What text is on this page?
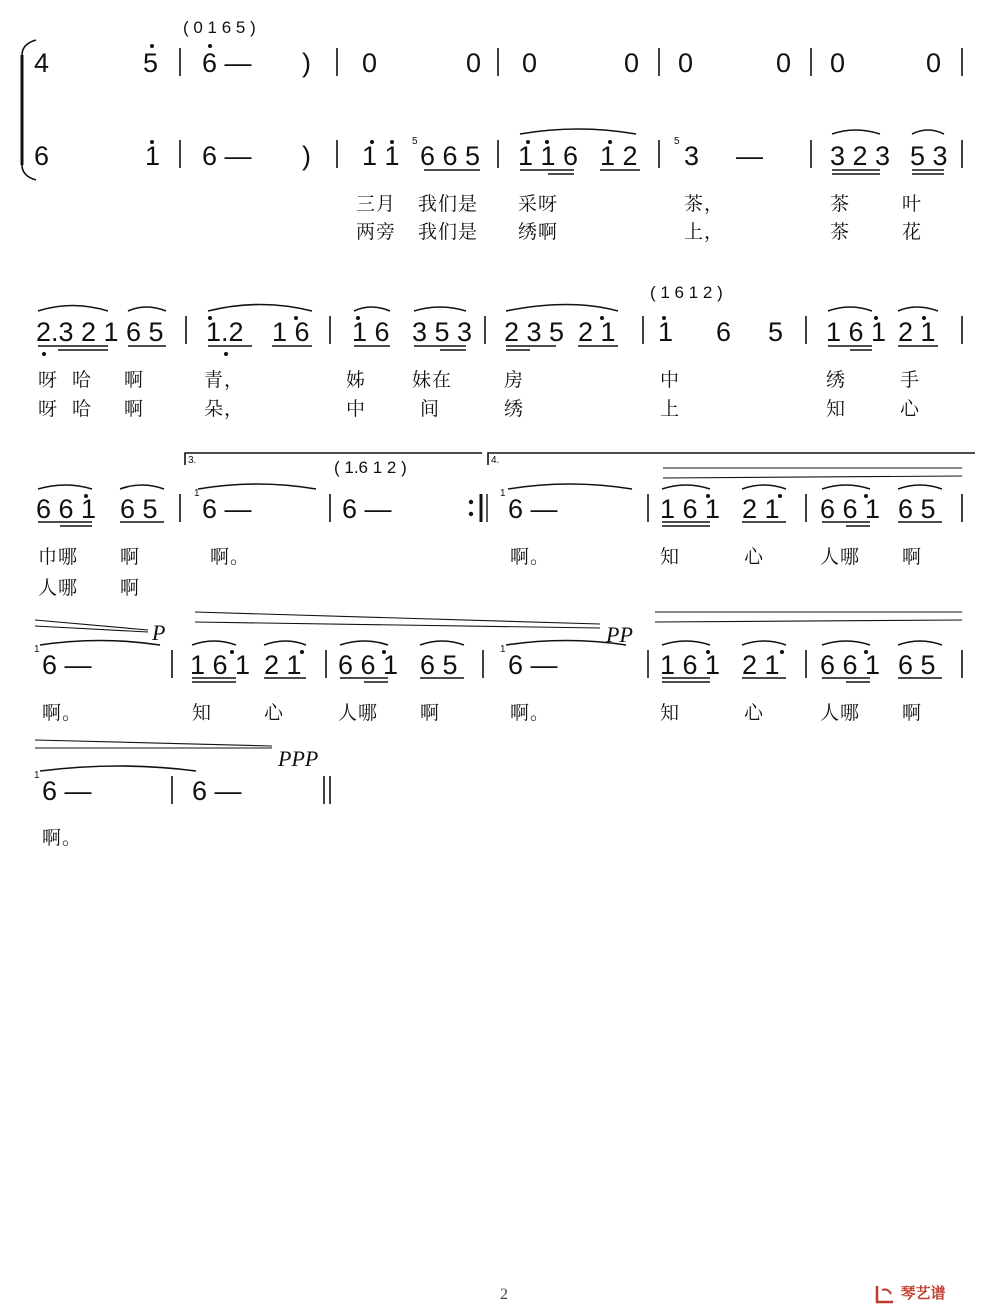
( 0 1 6 5 )
4	5 6 — ) 0	0 0	0 0	0 0	0
6	1 6 — ) 1 1 5 6 6 5 1 1 6 1 2	5 3 — 3 2 3 5 3
三月 我们是 采呀	茶，	茶	叶
两旁 我们是 绣啊	上，	茶	花
( 1 6 1 2 )
2.3 2 1 6 5 1.2 1 6 1 6 3 5 3 2 3 5 2 1 1 6 5 1 6 1 2 1
呀 哈 啊	青，	姊 妹在	房	中	绣	手
呀 哈 啊	朵，	中	间	绣	上	知	心
3.	4.
( 1.6 1 2 )
6 6 1 6 5
1
6 —	6 —
1
6 —	1 6 1 2 1 6 6 1 6 5
巾哪 啊	啊。	啊。	知	心	人哪 啊
人哪 啊
P	PP
1
6 —	1 6 1 2 1 6 6 1 6 5
1
6 —	1 6 1 2 1 6 6 1 6 5
啊。	知	心	人哪 啊	啊。	知	心	人哪 啊
PPP
1
6 —	6 —
啊。
2	琴艺谱
